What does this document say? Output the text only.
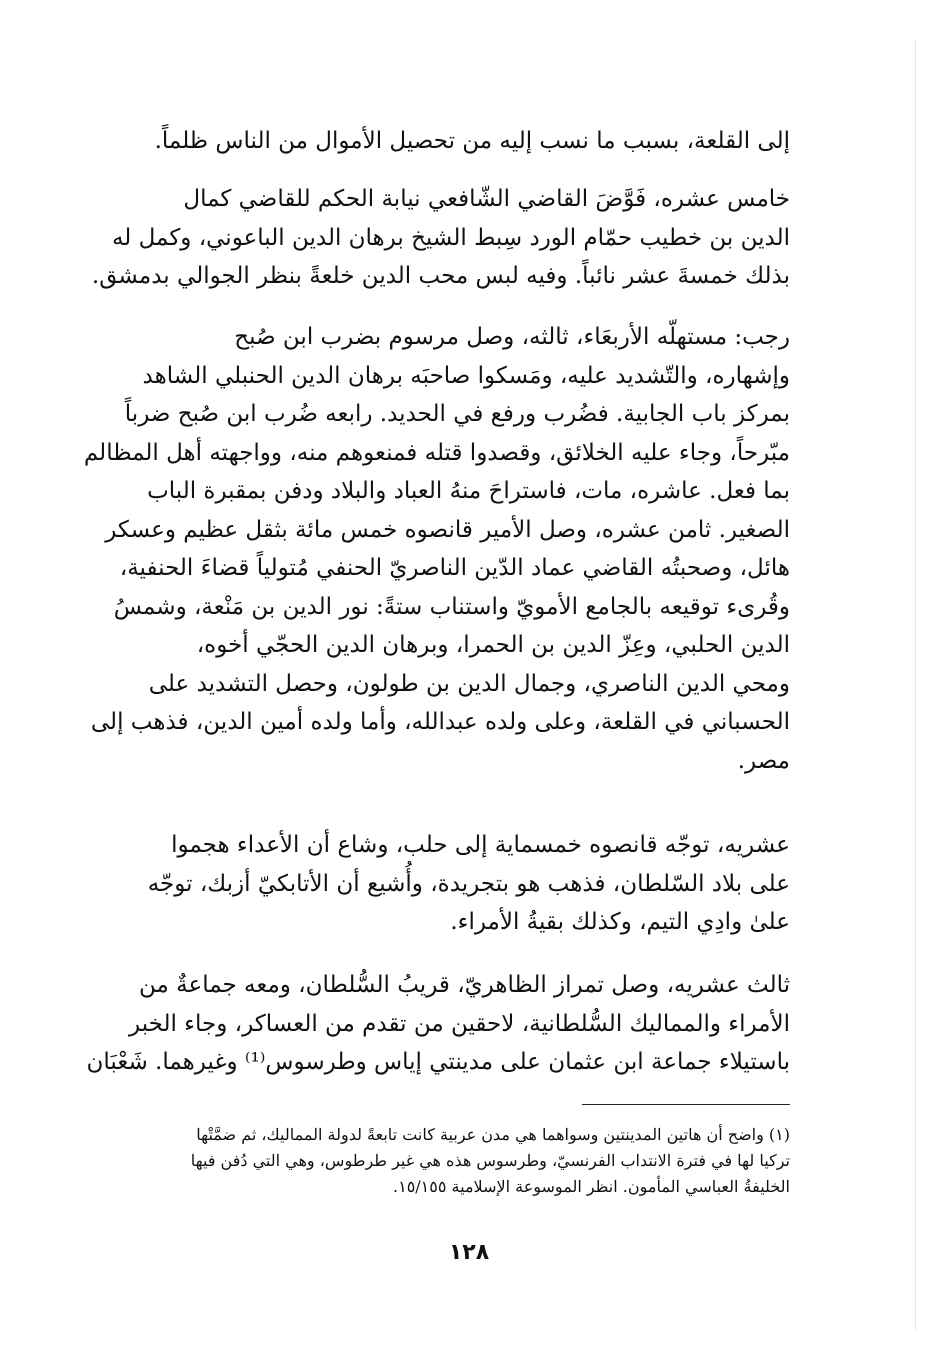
إلى القلعة، بسبب ما نسب إليه من تحصيل الأموال من الناس ظلماً.

خامس عشره، فَوَّضَ القاضي الشّافعي نيابة الحكم للقاضي كمال
الدين بن خطيب حمّام الورد سِبط الشيخ برهان الدين الباعوني، وكمل له
بذلك خمسةَ عشر نائباً. وفيه لبس محب الدين خلعةً بنظر الجوالي بدمشق.

رجب: مستهلّه الأربعَاء، ثالثه، وصل مرسوم بضرب ابن صُبح
وإشهاره، والتّشديد عليه، ومَسكوا صاحبَه برهان الدين الحنبلي الشاهد
بمركز باب الجابية. فضُرب ورفع في الحديد. رابعه ضُرب ابن صُبح ضرباً
مبّرحاً، وجاء عليه الخلائق، وقصدوا قتله فمنعوهم منه، وواجهته أهل المظالم
بما فعل. عاشره، مات، فاستراحَ منهُ العباد والبلاد ودفن بمقبرة الباب
الصغير. ثامن عشره، وصل الأمير قانصوه خمس مائة بثقل عظيم وعسكر
هائل، وصحبتُه القاضي عماد الدّين الناصريّ الحنفي مُتولياً قضاءَ الحنفية،
وقُرىء توقيعه بالجامع الأمويّ واستناب ستةً: نور الدين بن مَنْعة، وشمسُ
الدين الحلبي، وعِزّ الدين بن الحمرا، وبرهان الدين الحجّي أخوه،
ومحي الدين الناصري، وجمال الدين بن طولون، وحصل التشديد على
الحسباني في القلعة، وعلى ولده عبدالله، وأما ولده أمين الدين، فذهب إلى
مصر.

عشريه، توجّه قانصوه خمسماية إلى حلب، وشاع أن الأعداء هجموا
على بلاد السّلطان، فذهب هو بتجريدة، وأُشيع أن الأتابكيّ أزبك، توجّه
علىٰ وادِي التيم، وكذلك بقيةُ الأمراء.

ثالث عشريه، وصل تمراز الظاهريّ، قريبُ السُّلطان، ومعه جماعةٌ من
الأمراء والمماليك السُّلطانية، لاحقين من تقدم من العساكر، وجاء الخبر
باستيلاء جماعة ابن عثمان على مدينتي إياس وطرسوس⁽¹⁾ وغيرهما. شَعْبَان

(١) واضح أن هاتين المدينتين وسواهما هي مدن عربية كانت تابعةً لدولة المماليك، ثم ضمَّتْها
تركيا لها في فترة الانتداب الفرنسيّ، وطرسوس هذه هي غير طرطوس، وهي التي دُفن فيها
الخليفةُ العباسي المأمون. انظر الموسوعة الإسلامية ١٥/١٥٥.
١٢٨
